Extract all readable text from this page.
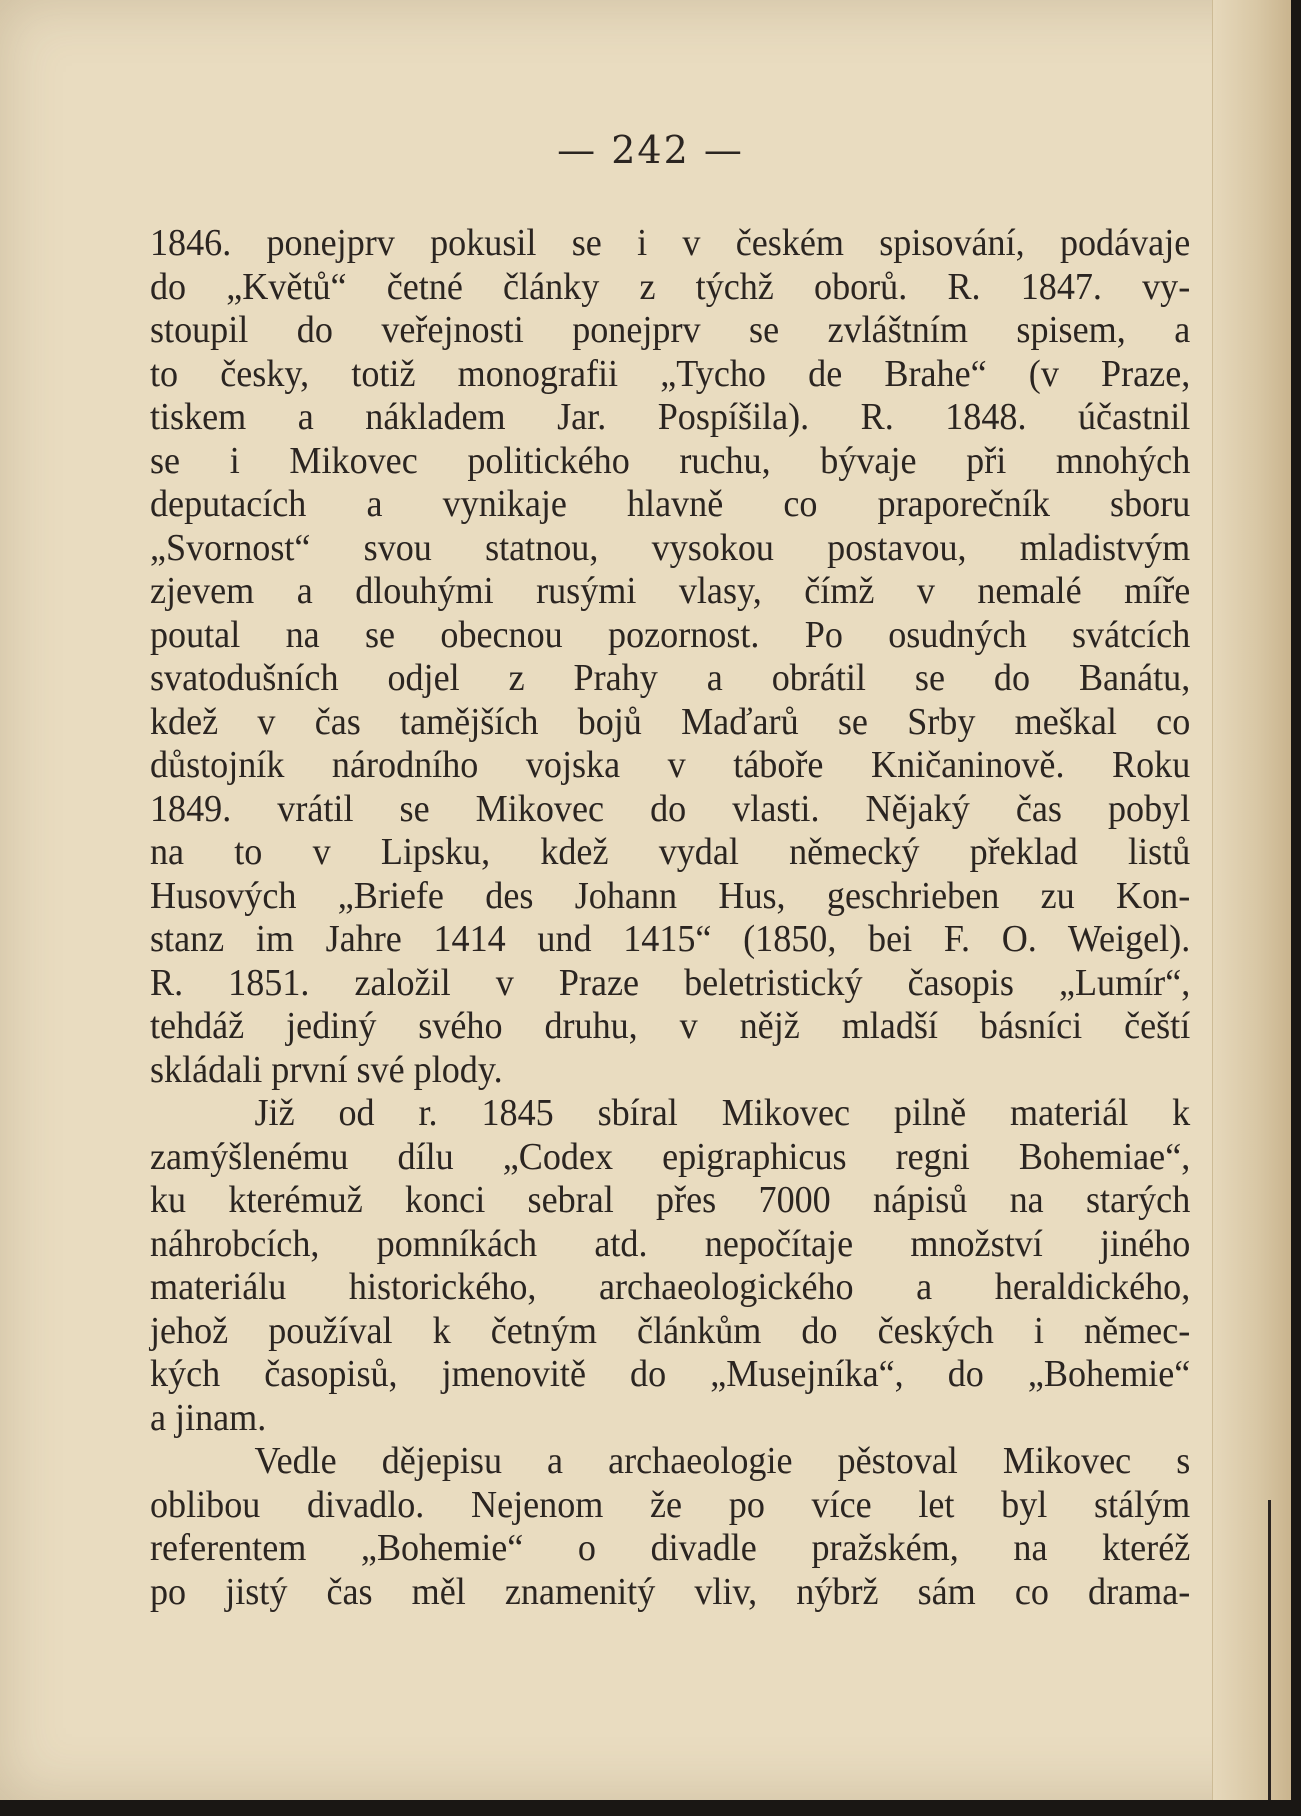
— 242 —
1846. ponejprv pokusil se i v českém spisování, podávaje
do „Květů“ četné články z týchž oborů. R. 1847. vy-
stoupil do veřejnosti ponejprv se zvláštním spisem, a
to česky, totiž monografii „Tycho de Brahe“ (v Praze,
tiskem a nákladem Jar. Pospíšila). R. 1848. účastnil
se i Mikovec politického ruchu, bývaje při mnohých
deputacích a vynikaje hlavně co praporečník sboru
„Svornost“ svou statnou, vysokou postavou, mladistvým
zjevem a dlouhými rusými vlasy, čímž v nemalé míře
poutal na se obecnou pozornost. Po osudných svátcích
svatodušních odjel z Prahy a obrátil se do Banátu,
kdež v čas tamějších bojů Maďarů se Srby meškal co
důstojník národního vojska v táboře Kničaninově. Roku
1849. vrátil se Mikovec do vlasti. Nějaký čas pobyl
na to v Lipsku, kdež vydal německý překlad listů
Husových „Briefe des Johann Hus, geschrieben zu Kon-
stanz im Jahre 1414 und 1415“ (1850, bei F. O. Weigel).
R. 1851. založil v Praze beletristický časopis „Lumír“,
tehdáž jediný svého druhu, v nějž mladší básníci čeští
skládali první své plody.
Již od r. 1845 sbíral Mikovec pilně materiál k
zamýšlenému dílu „Codex epigraphicus regni Bohemiae“,
ku kterémuž konci sebral přes 7000 nápisů na starých
náhrobcích, pomníkách atd. nepočítaje množství jiného
materiálu historického, archaeologického a heraldického,
jehož používal k četným článkům do českých i němec-
kých časopisů, jmenovitě do „Musejníka“, do „Bohemie“
a jinam.
Vedle dějepisu a archaeologie pěstoval Mikovec s
oblibou divadlo. Nejenom že po více let byl stálým
referentem „Bohemie“ o divadle pražském, na kteréž
po jistý čas měl znamenitý vliv, nýbrž sám co drama-
